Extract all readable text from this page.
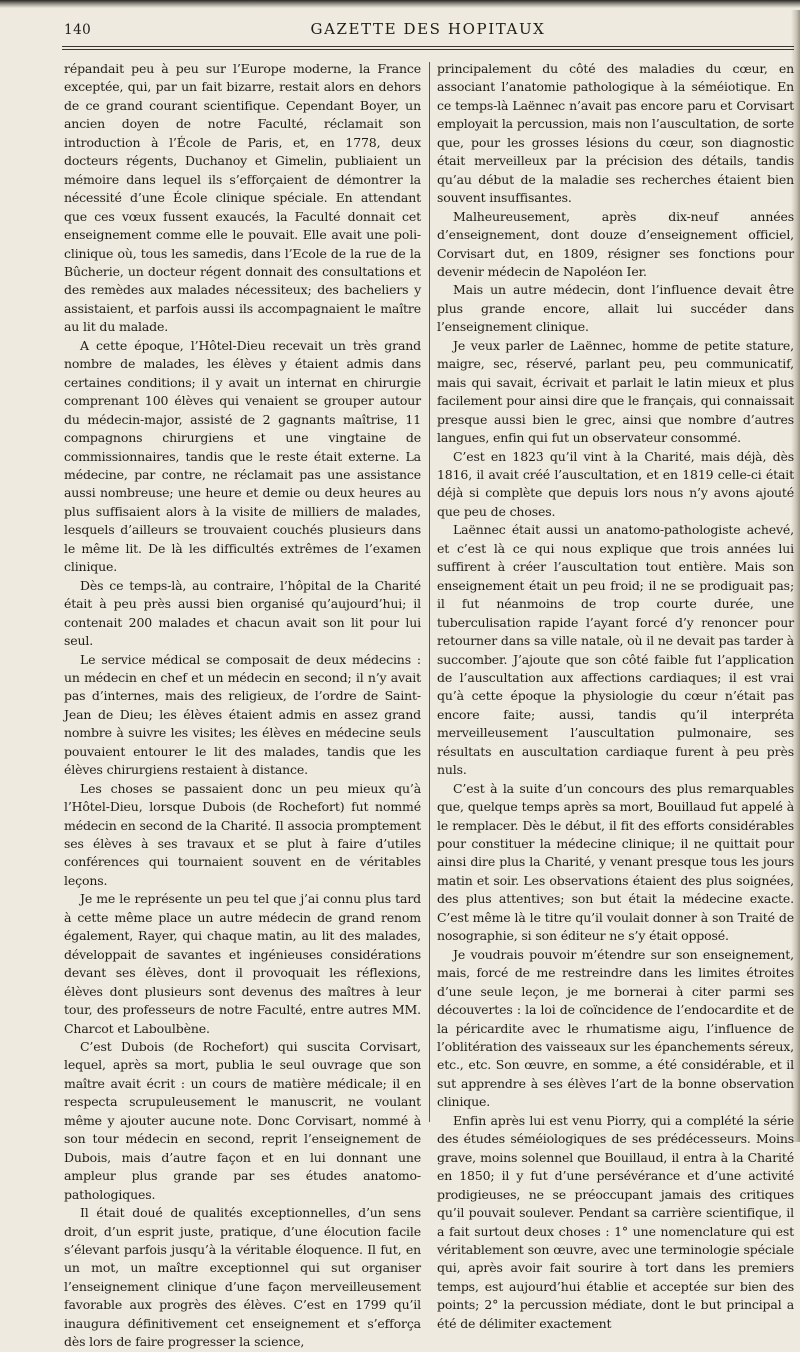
140	GAZETTE DES HOPITAUX

répandait peu à peu sur l’Europe moderne, la France exceptée, qui, par un fait bizarre, restait alors en dehors de ce grand courant scientifique. Cependant Boyer, un ancien doyen de notre Faculté, réclamait son introduction à l’École de Paris, et, en 1778, deux docteurs régents, Duchanoy et Gimelin, publiaient un mémoire dans lequel ils s’efforçaient de démontrer la nécessité d’une École clinique spéciale. En attendant que ces vœux fussent exaucés, la Faculté donnait cet enseignement comme elle le pouvait. Elle avait une poli-clinique où, tous les samedis, dans l’Ecole de la rue de la Bûcherie, un docteur régent donnait des consultations et des remèdes aux malades nécessiteux; des bacheliers y assistaient, et parfois aussi ils accompagnaient le maître au lit du malade.

A cette époque, l’Hôtel-Dieu recevait un très grand nombre de malades, les élèves y étaient admis dans certaines conditions; il y avait un internat en chirurgie comprenant 100 élèves qui venaient se grouper autour du médecin-major, assisté de 2 gagnants maîtrise, 11 compagnons chirurgiens et une vingtaine de commissionnaires, tandis que le reste était externe. La médecine, par contre, ne réclamait pas une assistance aussi nombreuse; une heure et demie ou deux heures au plus suffisaient alors à la visite de milliers de malades, lesquels d’ailleurs se trouvaient couchés plusieurs dans le même lit. De là les difficultés extrêmes de l’examen clinique.

Dès ce temps-là, au contraire, l’hôpital de la Charité était à peu près aussi bien organisé qu’aujourd’hui; il contenait 200 malades et chacun avait son lit pour lui seul.

Le service médical se composait de deux médecins : un médecin en chef et un médecin en second; il n’y avait pas d’internes, mais des religieux, de l’ordre de Saint-Jean de Dieu; les élèves étaient admis en assez grand nombre à suivre les visites; les élèves en médecine seuls pouvaient entourer le lit des malades, tandis que les élèves chirurgiens restaient à distance.

Les choses se passaient donc un peu mieux qu’à l’Hôtel-Dieu, lorsque Dubois (de Rochefort) fut nommé médecin en second de la Charité. Il associa promptement ses élèves à ses travaux et se plut à faire d’utiles conférences qui tournaient souvent en de véritables leçons.

Je me le représente un peu tel que j’ai connu plus tard à cette même place un autre médecin de grand renom également, Rayer, qui chaque matin, au lit des malades, développait de savantes et ingénieuses considérations devant ses élèves, dont il provoquait les réflexions, élèves dont plusieurs sont devenus des maîtres à leur tour, des professeurs de notre Faculté, entre autres MM. Charcot et Laboulbène.

C’est Dubois (de Rochefort) qui suscita Corvisart, lequel, après sa mort, publia le seul ouvrage que son maître avait écrit : un cours de matière médicale; il en respecta scrupuleusement le manuscrit, ne voulant même y ajouter aucune note. Donc Corvisart, nommé à son tour médecin en second, reprit l’enseignement de Dubois, mais d’autre façon et en lui donnant une ampleur plus grande par ses études anatomo-pathologiques.

Il était doué de qualités exceptionnelles, d’un sens droit, d’un esprit juste, pratique, d’une élocution facile s’élevant parfois jusqu’à la véritable éloquence. Il fut, en un mot, un maître exceptionnel qui sut organiser l’enseignement clinique d’une façon merveilleusement favorable aux progrès des élèves. C’est en 1799 qu’il inaugura définitivement cet enseignement et s’efforça dès lors de faire progresser la science,

principalement du côté des maladies du cœur, en associant l’anatomie pathologique à la séméiotique. En ce temps-là Laënnec n’avait pas encore paru et Corvisart employait la percussion, mais non l’auscultation, de sorte que, pour les grosses lésions du cœur, son diagnostic était merveilleux par la précision des détails, tandis qu’au début de la maladie ses recherches étaient bien souvent insuffisantes.

Malheureusement, après dix-neuf années d’enseignement, dont douze d’enseignement officiel, Corvisart dut, en 1809, résigner ses fonctions pour devenir médecin de Napoléon Ier.

Mais un autre médecin, dont l’influence devait être plus grande encore, allait lui succéder dans l’enseignement clinique.

Je veux parler de Laënnec, homme de petite stature, maigre, sec, réservé, parlant peu, peu communicatif, mais qui savait, écrivait et parlait le latin mieux et plus facilement pour ainsi dire que le français, qui connaissait presque aussi bien le grec, ainsi que nombre d’autres langues, enfin qui fut un observateur consommé.

C’est en 1823 qu’il vint à la Charité, mais déjà, dès 1816, il avait créé l’auscultation, et en 1819 celle-ci était déjà si complète que depuis lors nous n’y avons ajouté que peu de choses.

Laënnec était aussi un anatomo-pathologiste achevé, et c’est là ce qui nous explique que trois années lui suffirent à créer l’auscultation tout entière. Mais son enseignement était un peu froid; il ne se prodiguait pas; il fut néanmoins de trop courte durée, une tuberculisation rapide l’ayant forcé d’y renoncer pour retourner dans sa ville natale, où il ne devait pas tarder à succomber. J’ajoute que son côté faible fut l’application de l’auscultation aux affections cardiaques; il est vrai qu’à cette époque la physiologie du cœur n’était pas encore faite; aussi, tandis qu’il interpréta merveilleusement l’auscultation pulmonaire, ses résultats en auscultation cardiaque furent à peu près nuls.

C’est à la suite d’un concours des plus remarquables que, quelque temps après sa mort, Bouillaud fut appelé à le remplacer. Dès le début, il fit des efforts considérables pour constituer la médecine clinique; il ne quittait pour ainsi dire plus la Charité, y venant presque tous les jours matin et soir. Les observations étaient des plus soignées, des plus attentives; son but était la médecine exacte. C’est même là le titre qu’il voulait donner à son Traité de nosographie, si son éditeur ne s’y était opposé.

Je voudrais pouvoir m’étendre sur son enseignement, mais, forcé de me restreindre dans les limites étroites d’une seule leçon, je me bornerai à citer parmi ses découvertes : la loi de coïncidence de l’endocardite et de la péricardite avec le rhumatisme aigu, l’influence de l’oblitération des vaisseaux sur les épanchements séreux, etc., etc. Son œuvre, en somme, a été considérable, et il sut apprendre à ses élèves l’art de la bonne observation clinique.

Enfin après lui est venu Piorry, qui a complété la série des études séméiologiques de ses prédécesseurs. Moins grave, moins solennel que Bouillaud, il entra à la Charité en 1850; il y fut d’une persévérance et d’une activité prodigieuses, ne se préoccupant jamais des critiques qu’il pouvait soulever. Pendant sa carrière scientifique, il a fait surtout deux choses : 1° une nomenclature qui est véritablement son œuvre, avec une terminologie spéciale qui, après avoir fait sourire à tort dans les premiers temps, est aujourd’hui établie et acceptée sur bien des points; 2° la percussion médiate, dont le but principal a été de délimiter exactement
